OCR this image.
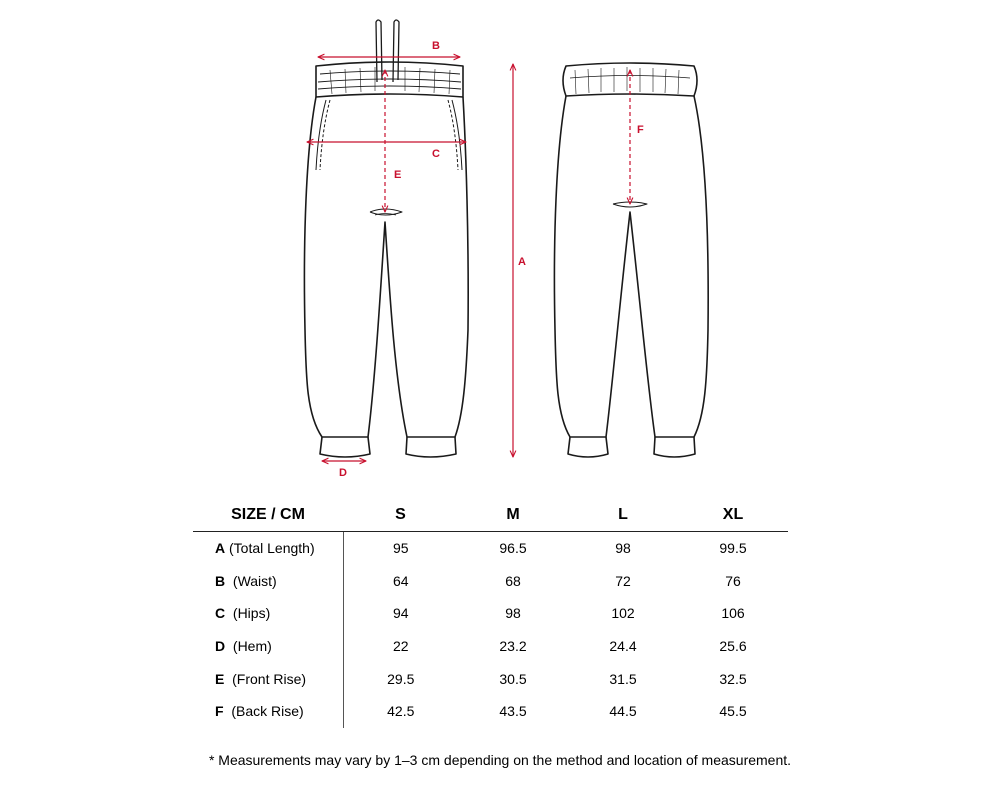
B
C
E
D
A
F
SIZE / CM	S	M	L	XL
A (Total Length)	95	96.5	98	99.5
B (Waist)	64	68	72	76
C (Hips)	94	98	102	106
D (Hem)	22	23.2	24.4	25.6
E (Front Rise)	29.5	30.5	31.5	32.5
F (Back Rise)	42.5	43.5	44.5	45.5
* Measurements may vary by 1–3 cm depending on the method and location of measurement.
